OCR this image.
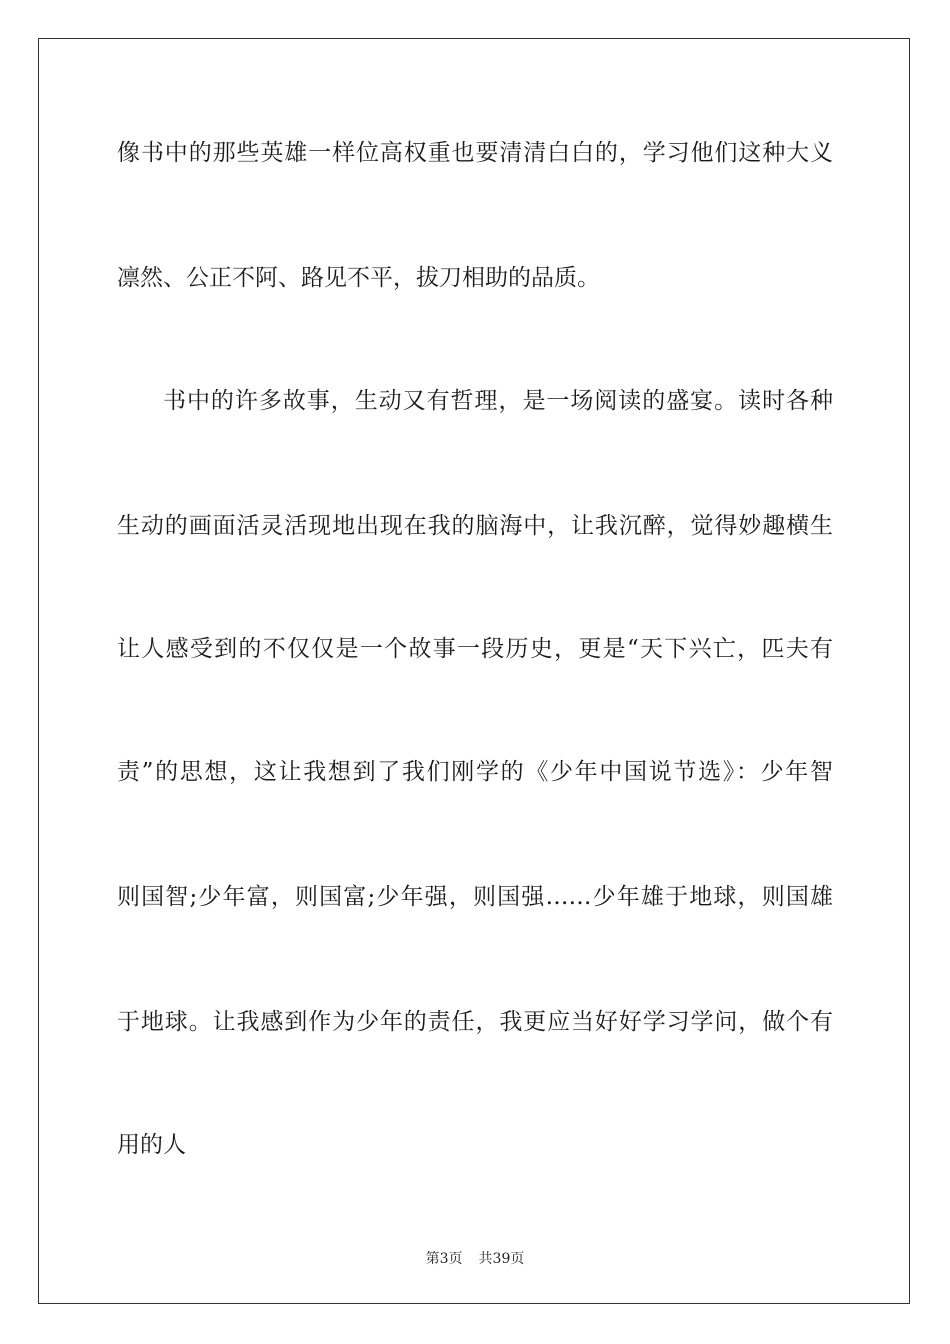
像书中的那些英雄一样位高权重也要清清白白的，学习他们这种大义

凛然、公正不阿、路见不平，拔刀相助的品质。

书中的许多故事，生动又有哲理，是一场阅读的盛宴。读时各种

生动的画面活灵活现地出现在我的脑海中，让我沉醉，觉得妙趣横生

让人感受到的不仅仅是一个故事一段历史，更是“天下兴亡，匹夫有

责”的思想，这让我想到了我们刚学的《少年中国说节选》：少年智

则国智;少年富，则国富;少年强，则国强……少年雄于地球，则国雄

于地球。让我感到作为少年的责任，我更应当好好学习学问，做个有

用的人

第3页 共39页
